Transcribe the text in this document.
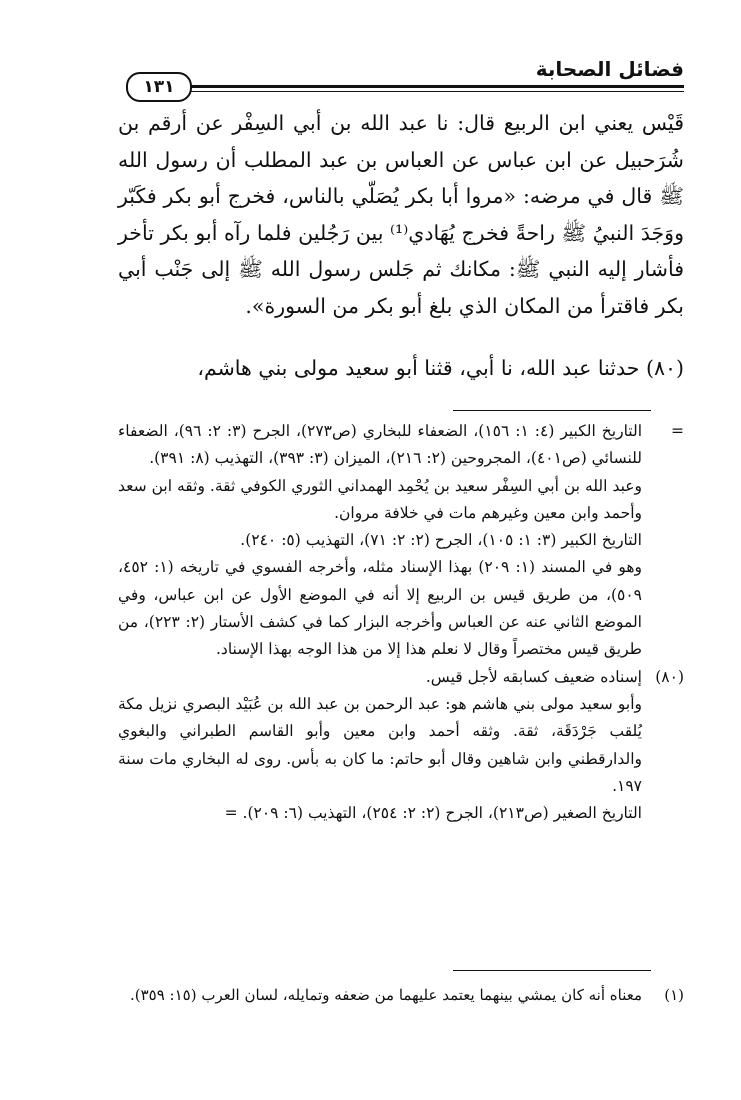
فضائل الصحابة
١٣١

قَيْس يعني ابن الربيع قال: نا عبد الله بن أبي السِفْر عن أرقم بن شُرَحبيل عن ابن عباس عن العباس بن عبد المطلب أن رسول الله ﷺ قال في مرضه: «مروا أبا بكر يُصَلّي بالناس، فخرج أبو بكر فكَبّر ووَجَدَ النبيُ ﷺ راحةً فخرج يُهَادي⁽¹⁾ بين رَجُلين فلما رآه أبو بكر تأخر فأشار إليه النبي ﷺ: مكانك ثم جَلس رسول الله ﷺ إلى جَنْب أبي بكر فاقترأ من المكان الذي بلغ أبو بكر من السورة».

(٨٠) حدثنا عبد الله، نا أبي، قثنا أبو سعيد مولى بني هاشم،

=

التاريخ الكبير (٤: ١: ١٥٦)، الضعفاء للبخاري (ص٢٧٣)، الجرح (٣: ٢: ٩٦)، الضعفاء للنسائي (ص٤٠١)، المجروحين (٢: ٢١٦)، الميزان (٣: ٣٩٣)، التهذيب (٨: ٣٩١).

وعبد الله بن أبي السِفْر سعيد بن يُحْمِد الهمداني الثوري الكوفي ثقة. وثقه ابن سعد وأحمد وابن معين وغيرهم مات في خلافة مروان.

التاريخ الكبير (٣: ١: ١٠٥)، الجرح (٢: ٢: ٧١)، التهذيب (٥: ٢٤٠).

وهو في المسند (١: ٢٠٩) بهذا الإسناد مثله، وأخرجه الفسوي في تاريخه (١: ٤٥٢، ٥٠٩)، من طريق قيس بن الربيع إلا أنه في الموضع الأول عن ابن عباس، وفي الموضع الثاني عنه عن العباس وأخرجه البزار كما في كشف الأستار (٢: ٢٢٣)، من طريق قيس مختصراً وقال لا نعلم هذا إلا من هذا الوجه بهذا الإسناد.

(٨٠)

إسناده ضعيف كسابقه لأجل قيس.

وأبو سعيد مولى بني هاشم هو: عبد الرحمن بن عبد الله بن عُبَيْد البصري نزيل مكة يُلقب جَرْدَقَة، ثقة. وثقه أحمد وابن معين وأبو القاسم الطبراني والبغوي والدارقطني وابن شاهين وقال أبو حاتم: ما كان به بأس. روى له البخاري مات سنة ١٩٧.

التاريخ الصغير (ص٢١٣)، الجرح (٢: ٢: ٢٥٤)، التهذيب (٦: ٢٠٩). =

(١)
معناه أنه كان يمشي بينهما يعتمد عليهما من ضعفه وتمايله، لسان العرب (١٥: ٣٥٩).
